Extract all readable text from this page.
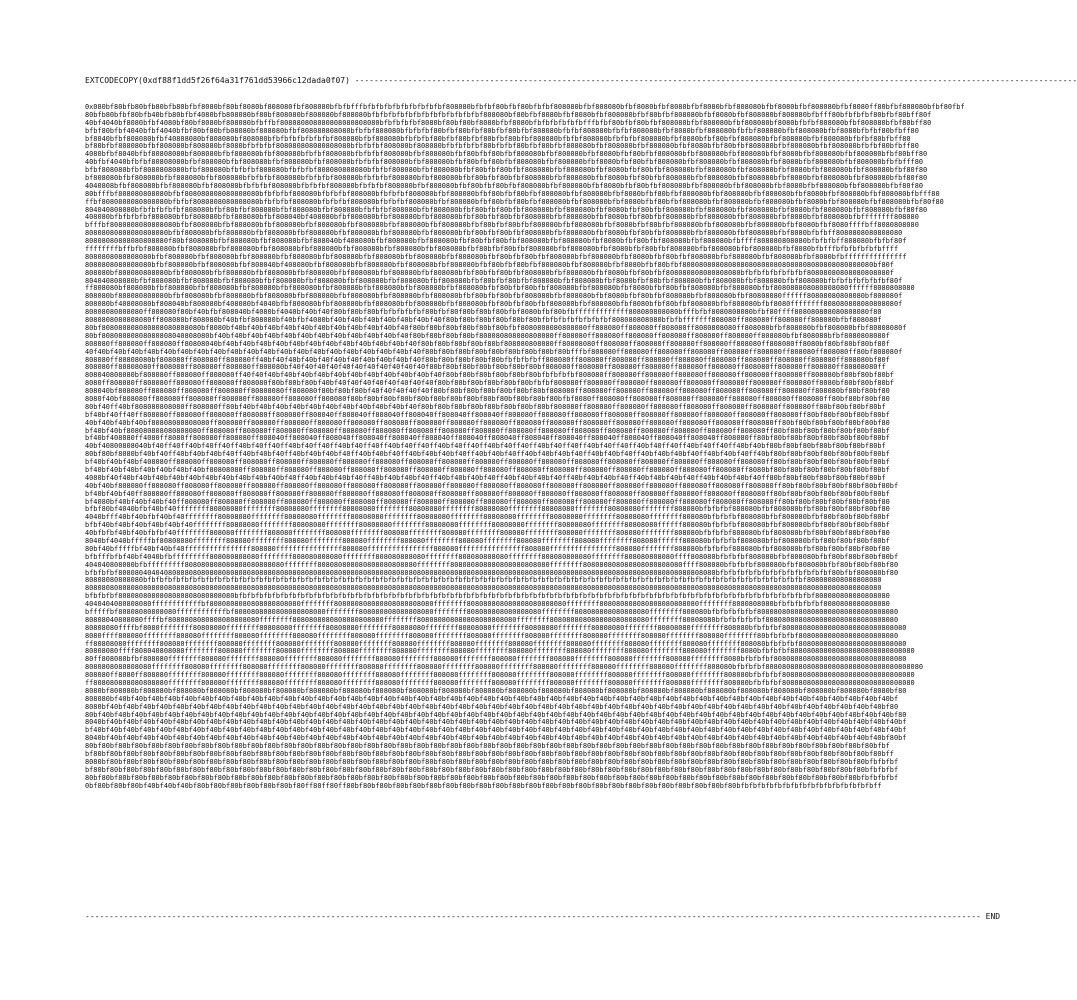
EXTCODECOPY(0xdf88f1dd5f26f64a31f761dd53966c12dada0f07) ------------------------------------------------------------------------------------------------------------------------------------------------------
0x080bf80bfb80bfb80bfb80bfbf8080bf80bf8080bf808080fbf808080bfbfbfffbfbfbfbfbfbfbfbfbfbf808080bfbfbf80bfbf80bfbfbf808080bfbf808080bfbf8080bfbf8080bfbf8080bfbf808080bfbf8080bfbf808080bfbf8080ff80bfbf808080bfbf80fbf
80bfb80bfbf80bfb40bfb80bfbf4080bfb808080bf80bf808080bf808080bf808080bfbfbfbfbfbfbfbfbfbfbfbfbfbf808080bf80bfbf8080bfbf8080bfbf808080bfbf80bfbf808080bfbf8080bfbf808080bf808080bfbfff80bfbfbfbf80bfbf80bff80f
40bf4040bf8080bfbf4080bf80bf8080bf808080bfbffbf808080808080808080808080bfbfbfbfbf8080bf80bf80bf8080bfbf8080bfbfbfbfbfbfbfffbfbf80bfbf80bfbf808080bfbf808080bfbf808080bf8080bfbfbf808080bfbf808080bfbf80bff80
bfbf80bfbf4040bfbf4040bfbf80bf80bfb08080bf808080bfbf808080808080bfbfbf808080bfbfbfbf80bfbf80bfbf80bfbf80bfbf808080bfbfbf808080bfbfbf808080bfbf8080bfbf808080bfbfbf808080bfbf808080bfbf8080bfbfbf80bfbff80
bf8040bfbf808080bfbf40808080bf808080bf808080bfbfbfbfbfbfbfbf808080bfbf808080bfbfbfbf80bfbf80bfbf80bfbf80bfbf808080bfbfbf808080bfbfbfbf808080bfbf8080bfbf80bfbf808080bfbf808080bfbf808080bfbfbf80bfbff80
bf80bfbf808080bfbf808080bf808080bf8080bfbfbfbf808080808080808080bfbfbfbf808080bf808080bfbfbfbfbf80bfbfbf80bfbf80bfbf808080bfbf808080bfbf808080bfbf8080bfbf80bfbf808080bfbf808080bfbf808080bfbfbf80bfbff80
4080bfbf8040bfbf80808080bf808080bfbf808080bfbf808080bfbfbf808080bfbfbfbf808080bfbf808080bfbf80bfbf80bfbf808080bfbf808080bfbf8080bfbf80bfbf808080bfbf808080bfbf808080bfbf8080bfbf808080bfbf808080bfbf80bff80
40bfbf4040bfbfbf80808080bfbf808080bfbf808080bfbf808080bfbf808080bfbfbfbf808080bfbf808080bfbf80bfbf80bfbf808080bfbf808080bfbf8080bfbf80bfbf808080bfbf808080bfbf808080bfbf8080bfbf808080bfbf808080bfbfbfff80
bfbf808080bfbf8080808080bfbf808080bfbfbfbf808080bfbfbfbf808080808080bfbfbf808080bfbf808080bfbf80bfbf80bfbf808080bfbf808080bfbf8080bfbf80bfbf808080bfbf808080bfbf808080bfbf8080bfbf808080bfbf808080bfbf80f80
bf808080bfbf808080bfbf808080bfbf808080bfbfbfbf808080bfbfbfbf808080bfbfbfbf808080bfbf808080bfbf80bfbf80bfbf808080bfbf808080bfbf8080bfbf80bfbf808080bfbf808080bfbf808080bfbf8080bfbf808080bfbf808080bfbf80f80
4040808bfbf808080bfbf808080bfbf808080bfbfbfbf808080bfbfbfbf808080bfbfbfbf808080bfbf808080bfbf80bfbf80bfbf808080bfbf808080bfbf8080bfbf80bfbf808080bfbf808080bfbf808080bfbf8080bfbf808080bfbf808080bfbf80f80
80bfffbf808080808080bfbf808080808080808080bfbfbfbf808080bfbfbfbf808080bfbfbfbf808080bfbf808080bfbf80bfbf80bfbf808080bfbf808080bfbf8080bfbf80bfbf808080bfbf808080bfbf808080bfbf8080bfbf808080bfbf808080bfbfff80
ffbf8080808080808080bfbfbf8080808080808080bfbfbfbf808080bfbfbfbf808080bfbfbfbf808080bfbf808080bfbf80bfbf80bfbf808080bfbf808080bfbf8080bfbf80bfbf808080bfbf808080bfbf808080bfbf8080bfbf808080bfbf808080bfbf80f80
804040808080bfbfbfbfbfbf808080bfbf80bfbf808080bfbf808080bfbf808080bfbfbfbf808080bfbf808080bfbf80bfbf80bfbf808080bfbf808080bfbf8080bfbf80bfbf808080bfbf808080bfbf808080bfbf8080bfbf808080bfbf808080bfbf80f80
408080bfbfbfbfbf808080bfbf808080bfbf808080bfbf808040bf408080bfbf808080bfbf808080bfbf808080bfbf80bfbf80bfbf808080bfbf808080bfbf8080bfbf80bfbf808080bfbf808080bfbf808080bfbf8080bfbf808080bfbffffffff808080
bfffbf8080808080808080bfbf808080bfbf808080bfbf808080bfbf808080bfbf808080bfbf808080bfbf808080bfbf80bfbf80bfbf808080bfbf808080bfbf8080bfbf80bfbf808080bfbf808080bfbf808080bfbf8080bfbf8080ffffbff8080808080
80808080808080808080bfbf808080bfbf808080bfbf808080bfbf808080bfbf808080bfbf808080bfbf808080bfbf80bfbf80bfbf808080bfbf808080bfbf8080bfbf80bfbf808080bfbf808080bfbf808080bfbf8080bfbfbff8080808080808080
80808080808080808080f80bf808080bfbf808080bfbf808080bfbf808040bf408080bfbf808080bfbf808080bfbf80bfbf80bfbf808080bfbf808080bfbf8080bfbf80bfbf808080bfbf808080bfbffff808080808080bfbfbfbff808080bfbfbf80f
ffffffffbffbfbf808080bfbf808080bfbf808080bfbf808080bfbf808080bfbf808080bfbf808080bfbf808080bfbf80bfbf80bfbf808080bfbf808080bfbf8080bfbf80bfbf808080bfbf808080bfbf808080bfbf8080bfbfffbfbfbfbfbfbffff
8080808080808080bfbf808080bfbf808080bfbf808080bfbf808080bfbf808080bfbf808080bfbf808080bfbf808080bfbf80bfbf80bfbf808080bfbf808080bfbf8080bfbf80bfbf808080bfbf808080bfbf808080bfbf8080bfbfffffffffffffff
8080808080808080bfbf808080bfbf808080bfbf808040bf408080bfbf808080bfbf808080bfbf808080bfbf808080bfbf80bfbf80bfbf808080bfbf808080bfbf8080bfbf80bfbf8080808080808080808080808080808080808080808080bf80f
808080bf808080808080bfbf808080bfbf808080bfbf808080bfbf808080bfbf808080bfbf808080bfbf808080bfbf80bfbf80bfbf808080bfbf808080bfbf8080bfbf80bfbf808080808080808080bfbfbfbfbfbfbfbf80808080808080808080f
804040808080bfbf808080bfbf808080bfbf808080bfbf808080bfbf808080bfbf808080bfbf808080bfbf808080bfbf80bfbf80bfbf808080bfbf808080bfbf8080bfbf80bfbf808080bfbf808080bfbf808080bfbf808080bfbfbfbfbfbfbfbf80f
ff808080bf808080bfbf808080bfbf808080bfbf808080bfbf808080bfbf808080bfbf808080bfbf808080bfbf808080bfbf80bfbf80bfbf808080bfbf808080bfbf8080bfbf80bfbf808080bfbf808080bfbf808080808080808080ffffff8080808080
808080bf808080808080bfbf808080bfbf808080bfbf808080bfbf808080bfbf808080bfbf808080bfbf808080bfbf80bfbf80bfbf808080bfbf808080bfbf8080bfbf80bfbf808080bfbf808080bfbf80808080ffffff80808080808080bf808080f
808080bf40808080bf808040bf808080bf408080bf4040bfbf808080bfbf808080bfbf808080bfbf808080bfbf808080bfbf80bfbf80bfbf808080bfbf808080bfbf8080bfbf80bfbf808080bfbf808080bfbf8080ffffffff808080808080808080f
80808080808080ff808080f80bf40bfbf808040bf4080bf4040bf40bf40f80bf80bf80bfbfbfbfbfbf80bfbf80f80bf80bf80bfbf8080bfbf80bfbfffffffffffff808080808080bfffbfbf8080808080bfbf80ffff808080808080808080f80
8080808080808080ff808080bf808080bf40bfbf808080bf40bfbf4080bf40bf40bf40bf40bf40bf40bf40f80bf80bf80bf80bf80bf80bfbfbfbfbfbfbfbfbf808080808080bfbfbfffffff808080ff808080ff808080ff808080bfbf808080f
80bf808080808080808080808080bf8080bf40bf40bf40bf40bf40bf40bf40bf40bf40bf40bf40f80bf80bf80bf80bf80bf80bfbf8080808080808080ff808080ff808080ff808080ff8080808080ff808080bfbf808080bfbf808080bfbf80808080f
80bf80808080808080808040808080bf40bf40bf40bf40bf40bf40bf40bf40bf40bf40bf40bf40f80bf80bf80bf80bf808080808080808080ff808080ff808080ff808080ff808080ff808080ff808080ff808080bfbf808080bfbf8080808080f
808080ff808080ff808080ff80808040bf40bf40bf40bf40bf40bf40bf40bf40bf40bf40bf40bf40f80bf80bf80bf80bf80bf808080808080ff80808080ff808080ff808080ff808080ff808080ff808080ff808080ff8080bf80bf80bf80bf80f
40f40bf40bf40bf40bf40bf40bf40bf40bf40bf40bf40bf40bf40bf40bf40bf40bf40bf40bf40bf40f80bf80bf80bf80bf80bf80bf80bf80bf80bfffbf808080ff808080ff808080ff808080ff808080ff808080ff808080ff808080ff80bf808080f
808080ff80808080bf808080ff808080ff808080ff40bf40f40bf40bf40f40bf40f40bf40bf40bf40f80bf80bf80bf80bf80bfbfbfbfbff808080ff808080ff808080ff808080ff808080ff808080ff808080ff808080ff808080ff808080bf80f
808080ff80808080ff808080ff808080ff808080ff808080bf40f40f40f40f40f40f40f40f40f40f40f80bf80bf80bf80bf80bf80bf80bf808080ff808080ff808080ff808080ff808080ff808080ff808080ff808080ff808080ff80808080ff
808040808080bf808080ff808080ff808080ff40f40f40bf40bf40bf40bf40bf40bf40bf40bf40bf40bf40f80bf80bf80bf80bf80bf80bfbfbfbfbf808080ff808080ff808080ff808080ff808080ff808080ff808080ff808080bf80bf80bf80bf
8080ff808080ff808080ff808080ff808080ff808080f80bf80bf80bf40bf40f40f40f40f40f40f40f40f80bf80bf80bf80bf80bf80bfbfbf808080ff808080ff808080ff808080ff808080ff808080ff808080ff808080ff8080bf80bf80bf80bf
808040bf808080ff808080ff808080ff808080ff80808080ff808080f80bf80bf80bf40f40f40f40f40f80bf80bf80bf80bf80bf80bf80bf808080ff808080ff808080ff808080ff808080ff808080ff808080ff808080ff808080bf80bf80bf80
8080f40bf808080ff808080ff808080ff808080ff808080ff808080ff808080f80bf80bf80bf80bf80bf80bf80bf80bf80bf80bf80bf80bf80bfbf8080ff808080ff808080ff808080ff808080ff808080ff808080ff808080ff80bf80bf80bf80
80bf40ff40bf808080808080ff808080ff80bf40bf40bf40bf40bf40bf40bf40bf40bf40bf40bf40f80bf80bf80bf80bf80bf80bf80bf80bf808080ff808080ff808080ff808080ff808080ff808080ff808080ff808080ff80bf80bf80bf80bf
bf40bf40ff40ff808080ff808080ff808080ff808080ff808080ff808040ff808040ff808040ff808040ff808040ff808040ff808080ff808080ff808080ff808080ff808080ff808080ff808080ff808080ff808080ff80bf80bf80bf80bf80bf
40bf40bf40bf40bf80808080808080ff808080ff808080ff808080ff808080ff808080ff808080ff808080ff808080ff808080ff808080ff808080ff808080ff808080ff808080ff808080ff808080ff808080ff80bf80bf80bf80bf80bf80bf80
bf40bf40bf808080808080808080ff808080ff808080ff808080ff808080ff808080ff808080ff808080ff808080ff808080ff808080ff808080ff808080ff808080ff808080ff808080ff808080ff808080ff80bf80bf80bf80bf80bf80bf80bf
bf40bf408080ff4080ff8080ff808080ff808080ff808040ff808040ff808040ff808040ff808040ff808040ff808040ff808040ff808040ff808040ff808040ff808040ff808040ff808040ff808080ff80bf80bf80bf80bf80bf80bf80bf80bf
40bf40800808040bf40ff40ff40bf40ff40ff40bf40ff40ff40bf40ff40ff40bf40ff40ff40bf40ff40ff40bf40ff40ff40bf40ff40ff40bf40ff40ff40bf40ff40ff40bf40ff40ff40bf40ff40ff40bf40bf80bf80bf80bf80bf80bf80bf80bf
80bf80bf8080bf40bf40ff40bf40bf40bf40ff40bf40bf40ff40bf40bf40bf40ff40bf40bf40ff40bf40bf40bf40ff40bf40bf40ff40bf40bf40bf40ff40bf40bf40ff40bf40bf40bf40ff40bf40bf40ff40bf80bf80bf80bf80bf80bf80bf80bf
bf40bf40bf40bf408080ff808080ff808080ff808080ff808080ff808080ff808080ff808080ff808080ff808080ff808080ff808080ff808080ff808080ff808080ff808080ff808080ff808080ff808080ff80bf80bf80bf80bf80bf80bf80bf
bf40bf40bf40bf40bf40bf40bf40bf80808080ff808080ff808080ff808080ff808080ff808080ff808080ff808080ff808080ff808080ff808080ff808080ff808080ff808080ff808080ff808080ff8080bf80bf80bf80bf80bf80bf80bf80bf
4080bf40f40bf40bf40bf40bf40bf40bf40bf40bf40bf40bf40ff40bf40bf40bf40ff40bf40bf40bf40ff40bf40bf40bf40ff40bf40bf40bf40ff40bf40bf40bf40ff40bf40bf40bf40ff40bf40bf40bf40ff80bf80bf80bf80bf80bf80bf80bf
40bf40bf808080ff808080ff808080ff808080ff808080ff808080ff808080ff808080ff808080ff808080ff808080ff808080ff808080ff808080ff808080ff808080ff808080ff808080ff808080ff808080ff80bf80bf80bf80bf80bf80bf80bf
bf40bf40bf40ff808080ff808080ff808080ff808080ff808080ff808080ff808080ff808080ff808080ff808080ff808080ff808080ff808080ff808080ff808080ff808080ff808080ff808080ff808080ff80bf80bf80bf80bf80bf80bf80bf
bf4080bf40bf40bf40bf40ff808080ff808080ff808080ff808080ff808080ff808080ff808080ff808080ff808080ff808080ff808080ff808080ff808080ff808080ff808080ff808080ff808080ff808080ff80bf80bf80bf80bf80bf80bf80
bfbf80bf4040bfbf40bf40ffffffff80808080ffffffff80808080ffffffff80808080ffffffff80808080ffffffff80808080ffffffff80808080ffffffff80808080ffffffff808080bfbfbfbf808080bfbf808080bfbf80bf80bf80bf80bf80
4040bfff40bf40bfbf40bf40ffffffff80808080ffffffff80808080ffffffff80808080ffffffff80808080ffffffff80808080ffffffff80808080ffffffff80808080ffffffff808080bfbfbfbf808080bfbf808080bfbf80bf80bf80bf80bf
bfbf40bf40bf40bf40bf40bf40ffffffff80808080ffffffff80808080ffffffff80808080ffffffff80808080ffffffff80808080ffffffff80808080ffffffff80808080ffffff808080bfbfbfbf808080bfbf808080bfbf80bf80bf80bf80bf
40bfbfbf40bf40bfbfbf40ffffffff808080ffffffff808080ffffffff808080ffffffff808080ffffffff808080ffffffff808080ffffffff808080ffffffff808080ffffffff808080bfbfbfbf808080bfbf808080bfbf80bf80bf80bf80bf80
8040bf4040bfffffbf80808080ffffffff808080ffffffff808080ffffffff808080ffffffff808080ffffffff808080ffffffff808080ffffffff808080ffffffff808080ffffff808080bfbfbfbf808080bfbf808080bfbf80bf80bf80bf80bf
80bf40bfffffbf40bf40bf40ffffffffffffffff808080ffffffffffffffff808080ffffffffffffffff808080ffffffffffffffff808080ffffffffffffffff808080ffffffff808080bfbfbfbf808080bfbf808080bfbf80bf80bf80bf80bf80
bfbfffbfbf40bf4040bfbfffffffff808080808080ffffffff808080808080ffffffff808080808080ffffffff808080808080ffffffff808080808080ffffffff808080808080ffff808080bfbfbfbf808080bfbf808080bfbf80bf80bf80bf80bf
404040808080bfbfffffffff808080808080808080808080ffffffff808080808080808080808080ffffffff808080808080808080808080ffffffff808080808080808080808080ffff808080bfbfbfbf808080bfbf808080bfbf80bf80bf80bf80
bfbfbfbf808080404040808080808080808080808080808080808080808080808080808080808080808080808080808080808080808080808080808080808080808080808080808080808080bfbfbfbfbfbfbfbfbfbfbfbfbfbf80bfbf808080bf80
80808080808080bfbfbfbfbfbfbfbfbfbfbfbfbfbfbfbfbfbfbfbfbfbfbfbfbfbfbfbfbfbfbfbfbfbfbfbfbfbfbfbfbfbfbfbfbfbfbfbfbfbfbfbfbfbfbfbfbfbfbfbfbfbfbfbfbfbfbfbfbfbfbfbfbfbfbfbfbfbfbfbf808080808080808080
808080808080808080808080808080808080808080808080808080808080808080808080808080808080808080808080808080808080808080808080808080808080808080808080808080808080808080808080808080808080808080808080
bfbfbfbf8080808080808080808080808080bfbfbfbfbfbfbfbfbfbfbfbfbfbfbfbfbfbfbfbfbfbfbfbfbfbfbfbfbfbfbfbfbfbfbfbfbfbfbfbfbfbfbfbfbfbfbfbfbfbfbfbfbfbfbfbfbfbfbfbfbfbfbfbfbfbfbfbfbfbf808080808080808080
4040404080808080ffffffffffffbf8080808080808080808080ffffffff808080808080808080808080ffffffff808080808080808080808080ffffffff808080808080808080808080ffffffff8080808080bfbfbfbfbfbf8080808080808080
bfffffbf80808080808080ffffffffffffbf8080808080808080808080ffffffff808080808080808080ffffffff808080808080808080ffffffff808080808080808080ffffffff808080bfbfbfbfbfbf8080808080808080808080808080808080
80808040808080ffffbf8080808080808080808080ffffffff8080808080808080808080ffffffff808080808080808080808080ffffffff808080808080808080808080ffffffff80808080bfbfbfbfbfbf80808080808080808080808080808080
80808080ffffbf8080ffffffff80808080ffffffff80808080ffffffff80808080ffffffff80808080ffffffff80808080ffffffff80808080ffffffff80808080ffffffff80808080ffffffff808080bfbfbfbf808080808080808080808080808080
8080ffff808080ffffffff808080ffffffff808080ffffffff808080ffffffff808080ffffffff808080ffffffff808080ffffffff808080ffffffff808080ffffffff808080ffffffff808080ffffffff80bfbfbfbf808080808080808080808080
ff80808080ffffffff808080ffffffff808080ffffffff808080ffffffff808080ffffffff808080ffffffff808080ffffffff808080ffffffff808080ffffffff808080ffffffff808080ffffffff808080bfbfbfbf80808080808080808080808080
80808080ffff808040808080ffffffff808080ffffffff808080ffffffff808080ffffffff808080ffffffff808080ffffffff808080ffffffff808080ffffffff808080ffffffff808080ffffffff8080bfbfbfbf808080808080808080808080808080
80ff808080bfbf808080ffffffff808080ffffffff808080ffffffff808080ffffffff808080ffffffff808080ffffffff808080ffffffff808080ffffffff808080ffffffff808080ffffffff8080bfbfbfbf80808080808080808080808080808080
8080808080808080ffffffff808080ffffffff808080ffffffff808080ffffffff808080ffffffff808080ffffffff808080ffffffff808080ffffffff808080ffffffff808080ffffffff808080bfbfbfbf80808080808080808080808080808080808080
808080ff8080ff808080ffffffff808080ffffffff808080ffffffff808080ffffffff808080ffffffff808080ffffffff808080ffffffff808080ffffffff808080ffffffff808080ffffffff808080bfbfbfbf80808080808080808080808080808080
ff808080808080808080ffffffff808080ffffffff808080ffffffff808080ffffffff808080ffffffff808080ffffffff808080ffffffff808080ffffffff808080ffffffff808080ffffffff808080bfbfbfbf80808080808080808080808080808080
8080bf808080bf808080bf808080bf808080bf808080bf808080bf808080bf808080bf808080bf808080bf808080bf808080bf808080bf808080bf808080bf808080bf808080bf808080bf808080bf808080bf808080bf808080bf808080bf8080bf80
808080bf40bf40bf40bf40bf40bf40bf40bf40bf40bf40bf40bf40bf40bf40bf40bf40bf40bf40bf40bf40bf40bf40bf40bf40bf40bf40bf40bf40bf40bf40bf40bf40bf40bf40bf40bf40bf40bf40bf40bf40bf40bf40bf40bf40bf40bf40bf40bf
8080bf40bf40bf40bf40bf40bf40bf40bf40bf40bf40bf40bf40bf40bf40bf40bf40bf40bf40bf40bf40bf40bf40bf40bf40bf40bf40bf40bf40bf40bf40bf40bf40bf40bf40bf40bf40bf40bf40bf40bf40bf40bf40bf40bf40bf40bf40bf40bf80
80bf40bf40bf40bf40bf40bf40bf40bf40bf40bf40bf40bf40bf40bf40bf40bf40bf40bf40bf40bf40bf40bf40bf40bf40bf40bf40bf40bf40bf40bf40bf40bf40bf40bf40bf40bf40bf40bf40bf40bf40bf40bf40bf40bf40bf40bf40bf40bf40bf80
8040bf40bf40bf40bf40bf40bf40bf40bf40bf40bf40bf40bf40bf40bf40bf40bf40bf40bf40bf40bf40bf40bf40bf40bf40bf40bf40bf40bf40bf40bf40bf40bf40bf40bf40bf40bf40bf40bf40bf40bf40bf40bf40bf40bf40bf40bf40bf40bf40bf
bf40bf40bf40bf40bf40bf40bf40bf40bf40bf40bf40bf40bf40bf40bf40bf40bf40bf40bf40bf40bf40bf40bf40bf40bf40bf40bf40bf40bf40bf40bf40bf40bf40bf40bf40bf40bf40bf40bf40bf40bf40bf40bf40bf40bf40bf40bf40bf40bf40bf
8040bf40bf40bf40bf40bf40bf40bf40bf40bf40bf40bf40bf40bf40bf40bf40bf40bf40bf40bf40bf40bf40bf40bf40bf40bf40bf40bf40bf40bf40bf40bf40bf40bf40bf40bf40bf40bf40bf40bf40bf40bf40bf40bf40bf40bf40bf40bf40bf80bf
80bf80bf80bf80bf80bf80bf80bf80bf80bf80bf80bf80bf80bf80bf80bf80bf80bf80bf80bf80bf80bf80bf80bf80bf80bf80bf80bf80bf80bf80bf80bf80bf80bf80bf80bf80bf80bf80bf80bf80bf80bf80bf80bf80bf80bf80bf80bf80bfbf
bf80bf80bf80bf80bf80bf80bf80bf80bf80bf80bf80bf80bf80bf80bf80bf80bf80bf80bf80bf80bf80bf80bf80bf80bf80bf80bf80bf80bf80bf80bf80bf80bf80bf80bf80bf80bf80bf80bf80bf80bf80bf80bf80bf80bf80bf80bf80bf80bff
8080bf80bf80bf80bf80bf80bf80bf80bf80bf80bf80bf80bf80bf80bf80bf80bf80bf80bf80bf80bf80bf80bf80bf80bf80bf80bf80bf80bf80bf80bf80bf80bf80bf80bf80bf80bf80bf80bf80bf80bf80bf80bf80bf80bf80bf80bf80bfbfbfbf
bf80bf80bf80bf80bf80bf80bf80bf80bf80bf80bf80bf80bf80bf80bf80bf80bf80bf80bf80bf80bf80bf80bf80bf80bf80bf80bf80bf80bf80bf80bf80bf80bf80bf80bf80bf80bf80bf80bf80bf80bf80bf80bf80bf80bf80bf80bf80bfbfbfbf
80bf80bf80bf80bf80bf80bf80bf80bf80bf80bf80bf80bf80bf80bf80bf80bf80bf80bf80bf80bf80bf80bf80bf80bf80bf80bf80bf80bf80bf80bf80bf80bf80bf80bf80bf80bf80bf80bf80bf80bf80bf80bf80bf80bf80bf80bf80bfbfbfbfbf
0bf80bf80bf80bf40bf40bf40bf80bf80bf80bf80bf80bf80bf80ff80ff80ff80bf80bf80bf80bf80bf80bf80bf80bf80bf80bf80bf80bf80bf80bf80bf80bf80bf80bf80bf80bf80bf80bf80bf80bfbfbfbfbfbfbfbfbfbfbfbfbfbfbfbfbff
------------------------------------------------------------------------------------------------------------------------------------------------------------------------------------------ END
